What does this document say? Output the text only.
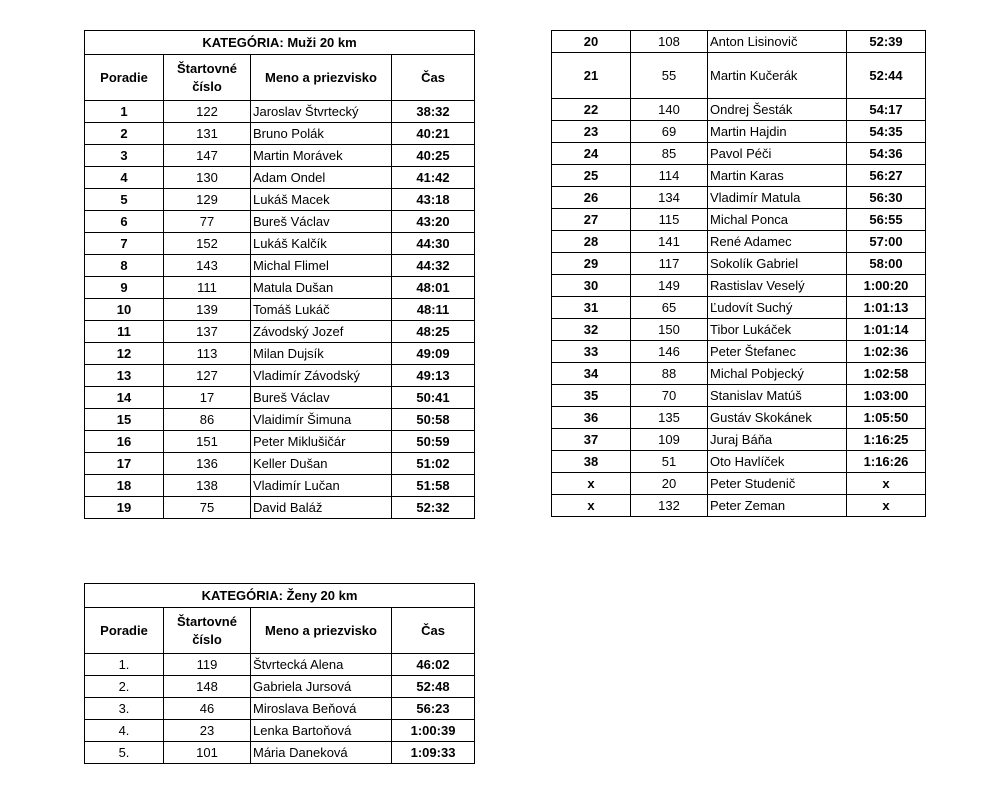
KATEGÓRIA: Muži 20 km			
Poradie	Štartovné číslo	Meno a priezvisko	Čas
1	122	Jaroslav Štvrtecký	38:32
2	131	Bruno Polák	40:21
3	147	Martin Morávek	40:25
4	130	Adam Ondel	41:42
5	129	Lukáš Macek	43:18
6	77	Bureš Václav	43:20
7	152	Lukáš Kalčík	44:30
8	143	Michal Flimel	44:32
9	111	Matula Dušan	48:01
10	139	Tomáš Lukáč	48:11
11	137	Závodský Jozef	48:25
12	113	Milan Dujsík	49:09
13	127	Vladimír Závodský	49:13
14	17	Bureš Václav	50:41
15	86	Vlaidimír Šimuna	50:58
16	151	Peter Miklušičár	50:59
17	136	Keller Dušan	51:02
18	138	Vladimír Lučan	51:58
19	75	David Baláž	52:32
20	108	Anton Lisinovič	52:39
21	55	Martin Kučerák	52:44
22	140	Ondrej Šesták	54:17
23	69	Martin Hajdin	54:35
24	85	Pavol Péči	54:36
25	114	Martin Karas	56:27
26	134	Vladimír Matula	56:30
27	115	Michal Ponca	56:55
28	141	René Adamec	57:00
29	117	Sokolík Gabriel	58:00
30	149	Rastislav Veselý	1:00:20
31	65	Ľudovít Suchý	1:01:13
32	150	Tibor Lukáček	1:01:14
33	146	Peter Štefanec	1:02:36
34	88	Michal Pobjecký	1:02:58
35	70	Stanislav Matúš	1:03:00
36	135	Gustáv Skokánek	1:05:50
37	109	Juraj Báňa	1:16:25
38	51	Oto Havlíček	1:16:26
x	20	Peter Studenič	x
x	132	Peter Zeman	x
KATEGÓRIA: Ženy 20 km			
Poradie	Štartovné číslo	Meno a priezvisko	Čas
1.	119	Štvrtecká Alena	46:02
2.	148	Gabriela Jursová	52:48
3.	46	Miroslava Beňová	56:23
4.	23	Lenka Bartoňová	1:00:39
5.	101	Mária Daneková	1:09:33
